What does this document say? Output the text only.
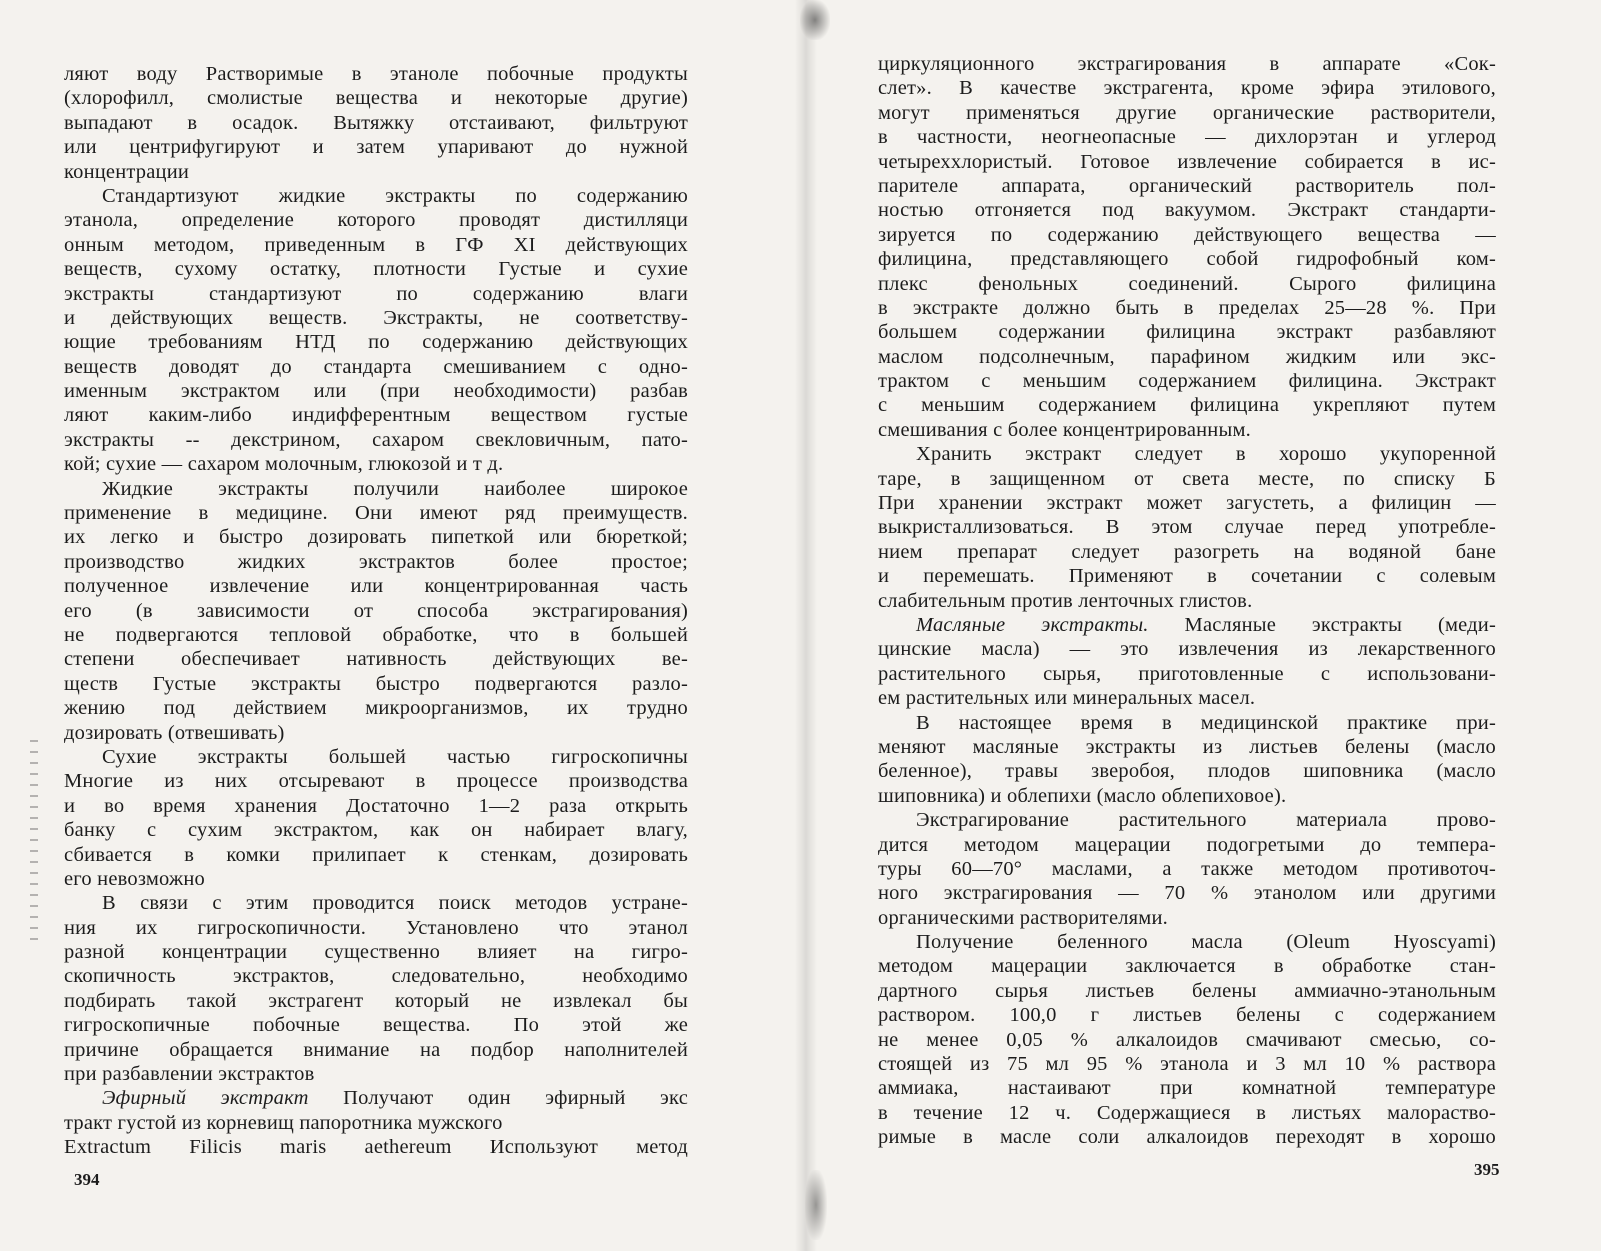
ляют воду Растворимые в этаноле побочные продукты
(хлорофилл, смолистые вещества и некоторые другие)
выпадают в осадок. Вытяжку отстаивают, фильтруют
или центрифугируют и затем упаривают до нужной
концентрации
Стандартизуют жидкие экстракты по содержанию
этанола, определение которого проводят дистилляци
онным методом, приведенным в ГФ XI действующих
веществ, сухому остатку, плотности Густые и сухие
экстракты стандартизуют по содержанию влаги
и действующих веществ. Экстракты, не соответству-
ющие требованиям НТД по содержанию действующих
веществ доводят до стандарта смешиванием с одно-
именным экстрактом или (при необходимости) разбав
ляют каким-либо индифферентным веществом густые
экстракты -- декстрином, сахаром свекловичным, пато-
кой; сухие — сахаром молочным, глюкозой и т д.
Жидкие экстракты получили наиболее широкое
применение в медицине. Они имеют ряд преимуществ.
их легко и быстро дозировать пипеткой или бюреткой;
производство жидких экстрактов более простое;
полученное извлечение или концентрированная часть
его (в зависимости от способа экстрагирования)
не подвергаются тепловой обработке, что в большей
степени обеспечивает нативность действующих ве-
ществ Густые экстракты быстро подвергаются разло-
жению под действием микроорганизмов, их трудно
дозировать (отвешивать)
Сухие экстракты большей частью гигроскопичны
Многие из них отсыревают в процессе производства
и во время хранения Достаточно 1—2 раза открыть
банку с сухим экстрактом, как он набирает влагу,
сбивается в комки прилипает к стенкам, дозировать
его невозможно
В связи с этим проводится поиск методов устране-
ния их гигроскопичности. Установлено что этанол
разной концентрации существенно влияет на гигро-
скопичность экстрактов, следовательно, необходимо
подбирать такой экстрагент который не извлекал бы
гигроскопичные побочные вещества. По этой же
причине обращается внимание на подбор наполнителей
при разбавлении экстрактов
Эфирный экстракт Получают один эфирный экс
тракт густой из корневищ папоротника мужского
Extractum Filicis maris aethereum Используют метод
циркуляционного экстрагирования в аппарате «Сок-
слет». В качестве экстрагента, кроме эфира этилового,
могут применяться другие органические растворители,
в частности, неогнеопасные — дихлорэтан и углерод
четыреххлористый. Готовое извлечение собирается в ис-
парителе аппарата, органический растворитель пол-
ностью отгоняется под вакуумом. Экстракт стандарти-
зируется по содержанию действующего вещества —
филицина, представляющего собой гидрофобный ком-
плекс фенольных соединений. Сырого филицина
в экстракте должно быть в пределах 25—28 %. При
большем содержании филицина экстракт разбавляют
маслом подсолнечным, парафином жидким или экс-
трактом с меньшим содержанием филицина. Экстракт
с меньшим содержанием филицина укрепляют путем
смешивания с более концентрированным.
Хранить экстракт следует в хорошо укупоренной
таре, в защищенном от света месте, по списку Б
При хранении экстракт может загустеть, а филицин —
выкристаллизоваться. В этом случае перед употребле-
нием препарат следует разогреть на водяной бане
и перемешать. Применяют в сочетании с солевым
слабительным против ленточных глистов.
Масляные экстракты. Масляные экстракты (меди-
цинские масла) — это извлечения из лекарственного
растительного сырья, приготовленные с использовани-
ем растительных или минеральных масел.
В настоящее время в медицинской практике при-
меняют масляные экстракты из листьев белены (масло
беленное), травы зверобоя, плодов шиповника (масло
шиповника) и облепихи (масло облепиховое).
Экстрагирование растительного материала прово-
дится методом мацерации подогретыми до темпера-
туры 60—70° маслами, а также методом противоточ-
ного экстрагирования — 70 % этанолом или другими
органическими растворителями.
Получение беленного масла (Oleum Hyoscyami)
методом мацерации заключается в обработке стан-
дартного сырья листьев белены аммиачно-этанольным
раствором. 100,0 г листьев белены с содержанием
не менее 0,05 % алкалоидов смачивают смесью, со-
стоящей из 75 мл 95 % этанола и 3 мл 10 % раствора
аммиака, настаивают при комнатной температуре
в течение 12 ч. Содержащиеся в листьях малораство-
римые в масле соли алкалоидов переходят в хорошо
394
395
